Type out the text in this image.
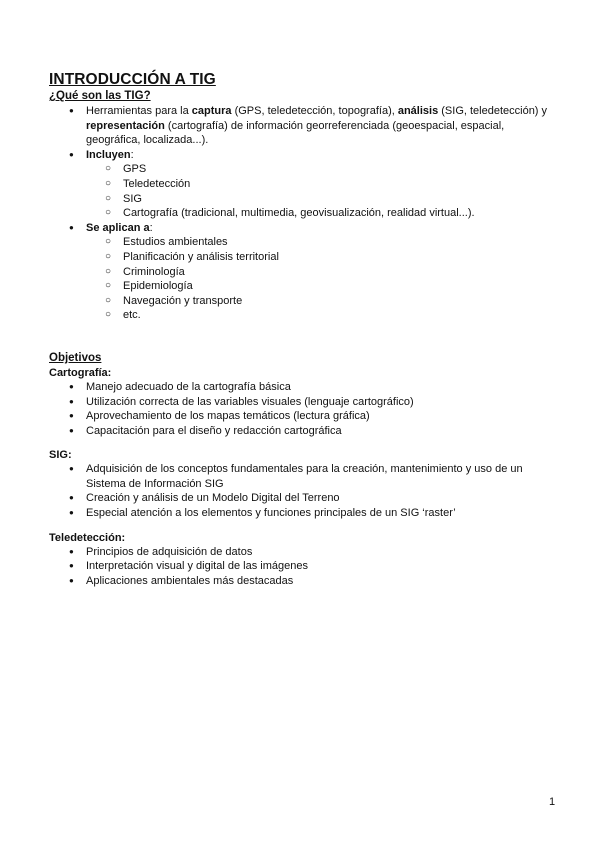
INTRODUCCIÓN A TIG
¿Qué son las TIG?
● Herramientas para la captura (GPS, teledetección, topografía), análisis (SIG, teledetección) y representación (cartografía) de información georreferenciada (geoespacial, espacial, geográfica, localizada...).
● Incluyen:
○ GPS
○ Teledetección
○ SIG
○ Cartografía (tradicional, multimedia, geovisualización, realidad virtual...).
● Se aplican a:
○ Estudios ambientales
○ Planificación y análisis territorial
○ Criminología
○ Epidemiología
○ Navegación y transporte
○ etc.
Objetivos

Cartografía:

● Manejo adecuado de la cartografía básica
● Utilización correcta de las variables visuales (lenguaje cartográfico)
● Aprovechamiento de los mapas temáticos (lectura gráfica)
● Capacitación para el diseño y redacción cartográfica

SIG:

● Adquisición de los conceptos fundamentales para la creación, mantenimiento y uso de un Sistema de Información SIG
● Creación y análisis de un Modelo Digital del Terreno
● Especial atención a los elementos y funciones principales de un SIG ‘raster’

Teledetección:

● Principios de adquisición de datos
● Interpretación visual y digital de las imágenes
● Aplicaciones ambientales más destacadas
1
